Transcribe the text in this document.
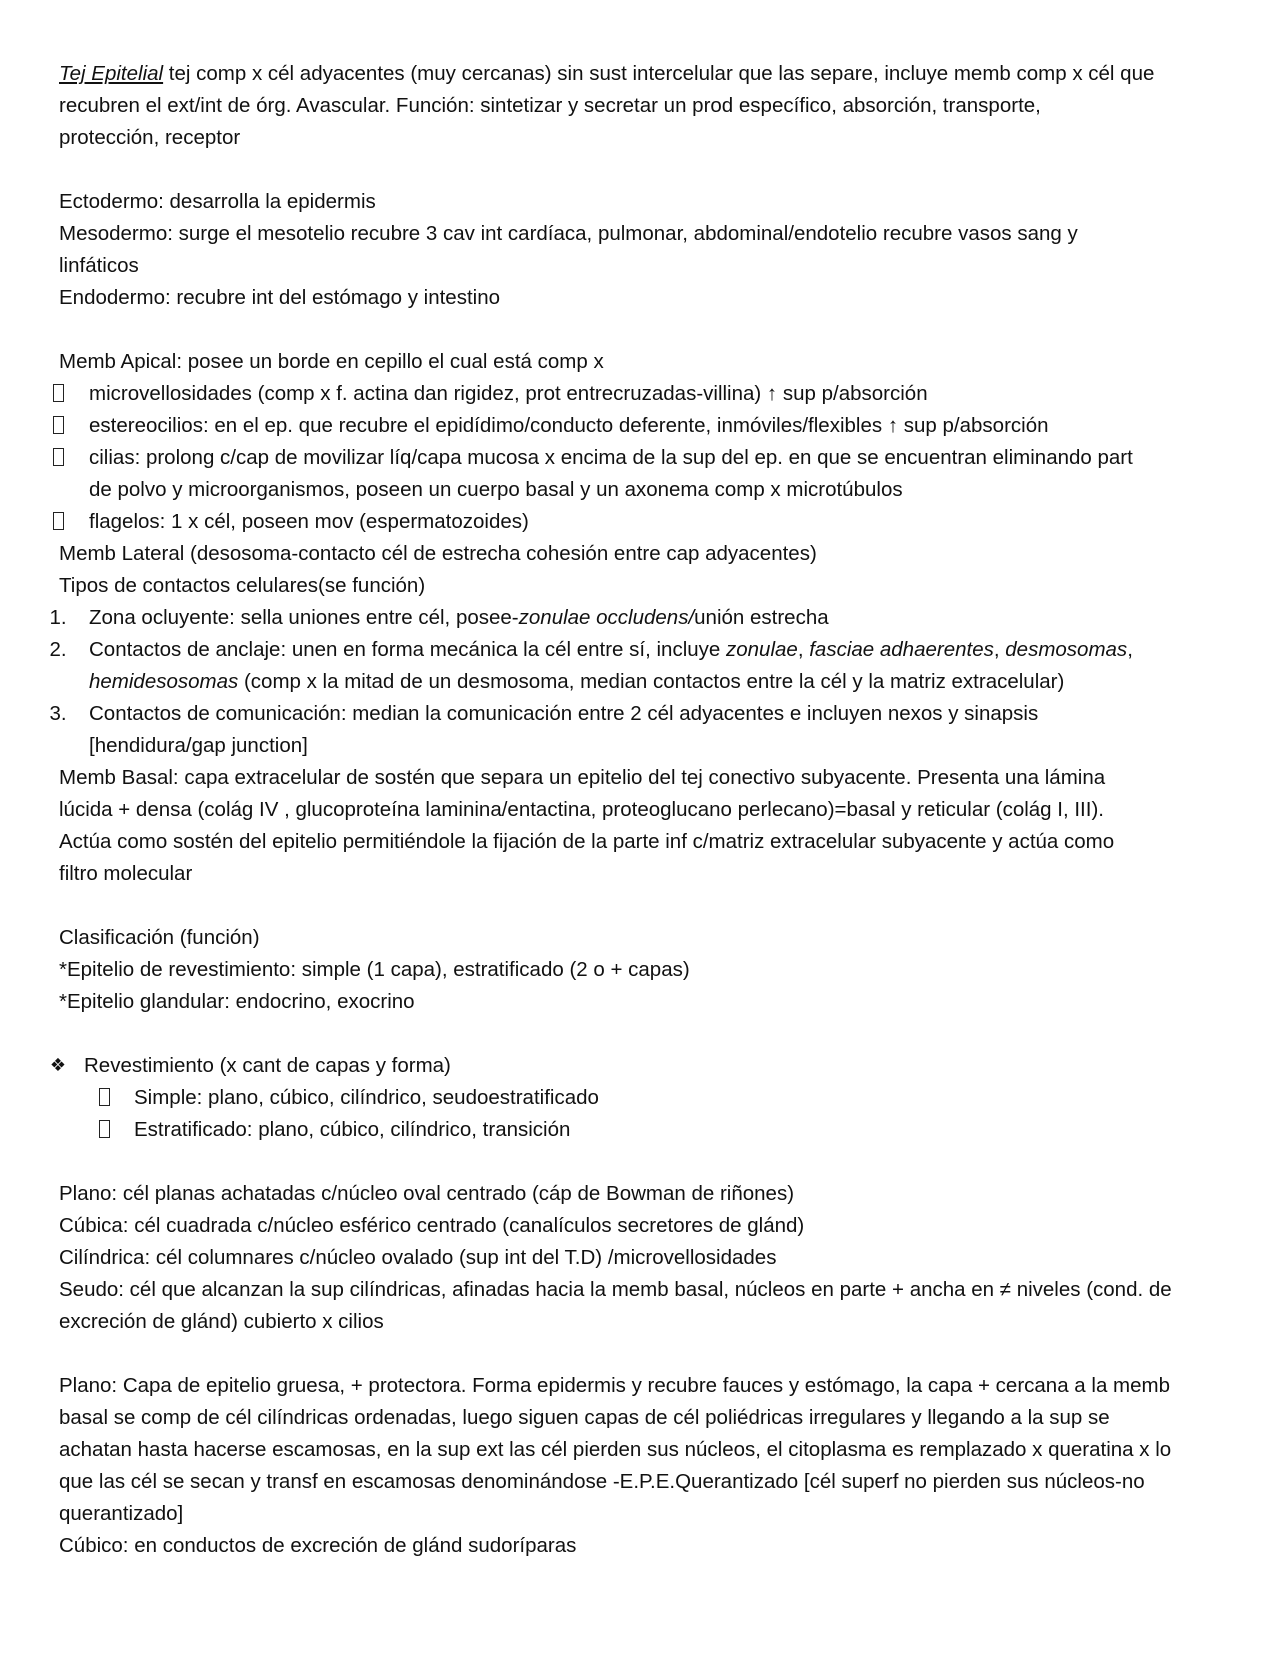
Tej Epitelial tej comp x cél adyacentes (muy cercanas) sin sust intercelular que las separe, incluye memb comp x cél que
recubren el ext/int de órg. Avascular. Función: sintetizar y secretar un prod específico, absorción, transporte,
protección, receptor
Ectodermo: desarrolla la epidermis
Mesodermo: surge el mesotelio recubre 3 cav int cardíaca, pulmonar, abdominal/endotelio recubre vasos sang y
linfáticos
Endodermo: recubre int del estómago y intestino
Memb Apical: posee un borde en cepillo el cual está comp x
microvellosidades (comp x f. actina dan rigidez, prot entrecruzadas-villina) ↑ sup p/absorción
estereocilios: en el ep. que recubre el epidídimo/conducto deferente, inmóviles/flexibles ↑ sup p/absorción
cilias: prolong c/cap de movilizar líq/capa mucosa x encima de la sup del ep. en que se encuentran eliminando part
de polvo y microorganismos, poseen un cuerpo basal y un axonema comp x microtúbulos
flagelos: 1 x cél, poseen mov (espermatozoides)
Memb Lateral (desosoma-contacto cél de estrecha cohesión entre cap adyacentes)
Tipos de contactos celulares(se función)
1. Zona ocluyente: sella uniones entre cél, posee-zonulae occludens/unión estrecha
2. Contactos de anclaje: unen en forma mecánica la cél entre sí, incluye zonulae, fasciae adhaerentes, desmosomas,
hemidesosomas (comp x la mitad de un desmosoma, median contactos entre la cél y la matriz extracelular)
3. Contactos de comunicación: median la comunicación entre 2 cél adyacentes e incluyen nexos y sinapsis
[hendidura/gap junction]
Memb Basal: capa extracelular de sostén que separa un epitelio del tej conectivo subyacente. Presenta una lámina
lúcida + densa (colág IV , glucoproteína laminina/entactina, proteoglucano perlecano)=basal y reticular (colág I, III).
Actúa como sostén del epitelio permitiéndole la fijación de la parte inf c/matriz extracelular subyacente y actúa como
filtro molecular
Clasificación (función)
*Epitelio de revestimiento: simple (1 capa), estratificado (2 o + capas)
*Epitelio glandular: endocrino, exocrino
❖ Revestimiento (x cant de capas y forma)
Simple: plano, cúbico, cilíndrico, seudoestratificado
Estratificado: plano, cúbico, cilíndrico, transición
Plano: cél planas achatadas c/núcleo oval centrado (cáp de Bowman de riñones)
Cúbica: cél cuadrada c/núcleo esférico centrado (canalículos secretores de glánd)
Cilíndrica: cél columnares c/núcleo ovalado (sup int del T.D) /microvellosidades
Seudo: cél que alcanzan la sup cilíndricas, afinadas hacia la memb basal, núcleos en parte + ancha en ≠ niveles (cond. de
excreción de glánd) cubierto x cilios
Plano: Capa de epitelio gruesa, + protectora. Forma epidermis y recubre fauces y estómago, la capa + cercana a la memb
basal se comp de cél cilíndricas ordenadas, luego siguen capas de cél poliédricas irregulares y llegando a la sup se
achatan hasta hacerse escamosas, en la sup ext las cél pierden sus núcleos, el citoplasma es remplazado x queratina x lo
que las cél se secan y transf en escamosas denominándose -E.P.E.Querantizado [cél superf no pierden sus núcleos-no
querantizado]
Cúbico: en conductos de excreción de glánd sudoríparas
